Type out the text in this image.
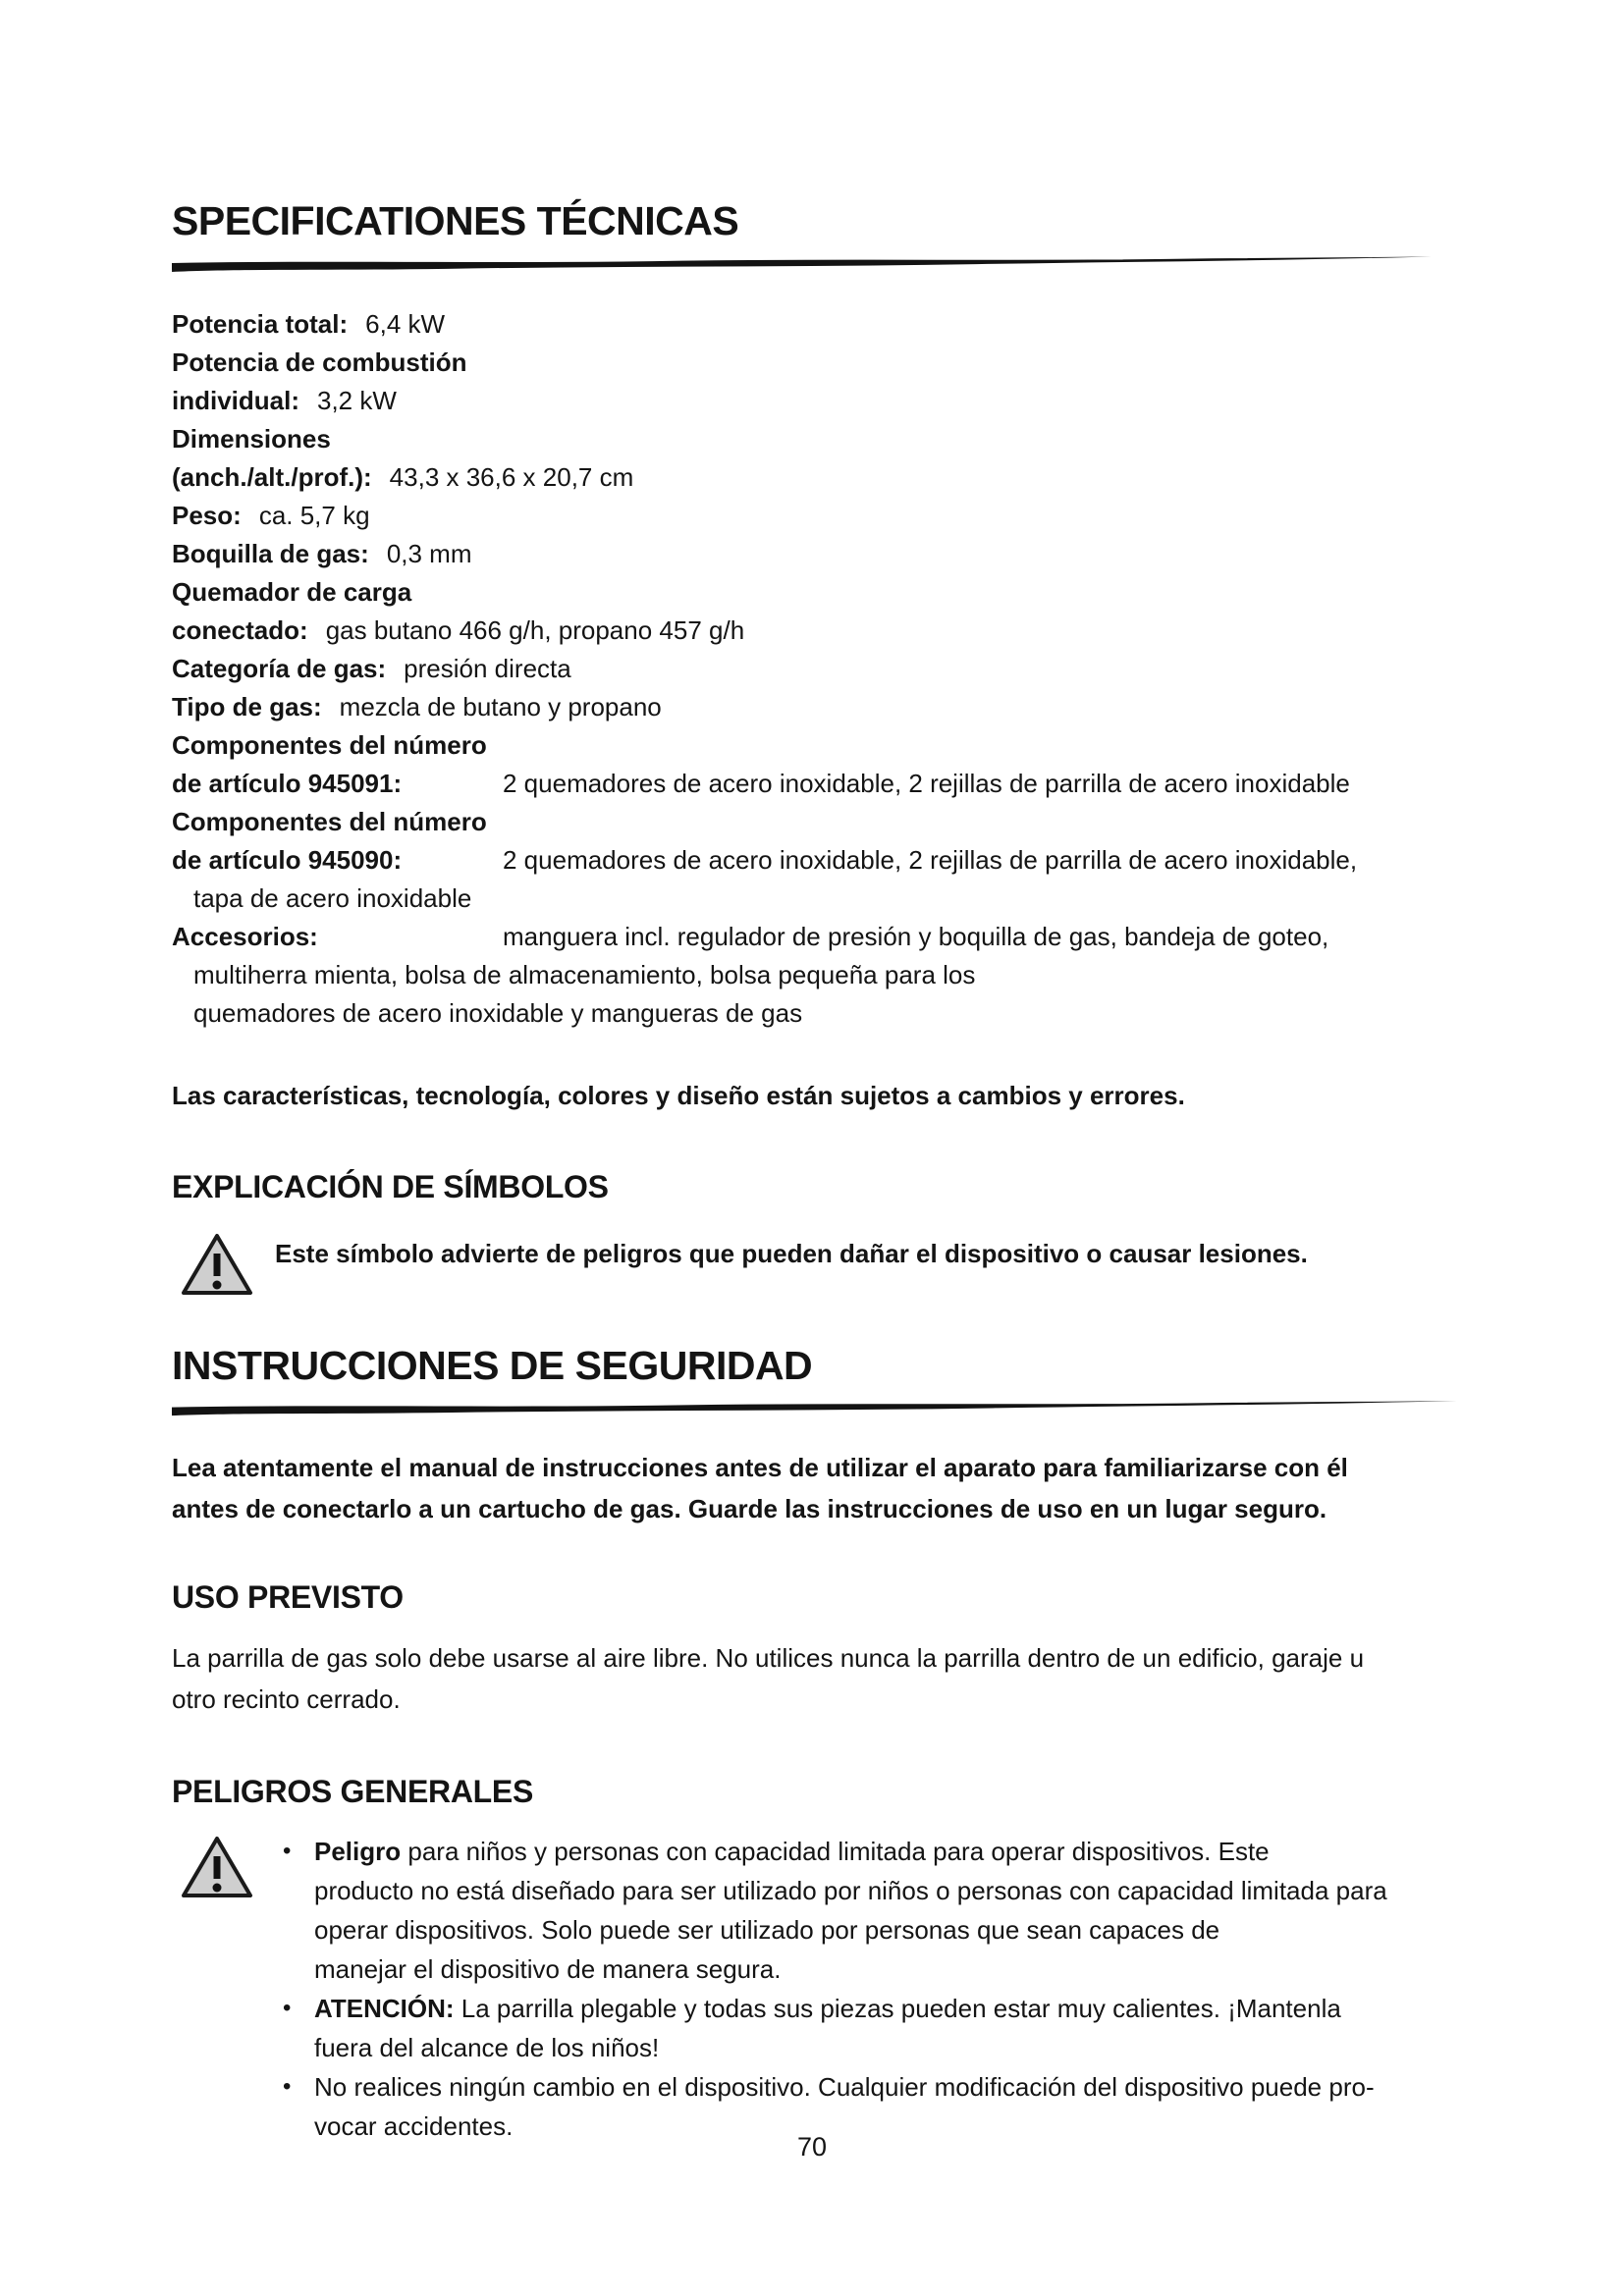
SPECIFICATIONES TÉCNICAS
Potencia total: 6,4 kW
Potencia de combustión
individual: 3,2 kW
Dimensiones
(anch./alt./prof.): 43,3 x 36,6 x 20,7 cm
Peso: ca. 5,7 kg
Boquilla de gas: 0,3 mm
Quemador de carga
conectado: gas butano 466 g/h, propano 457 g/h
Categoría de gas: presión directa
Tipo de gas: mezcla de butano y propano
Componentes del número
de artículo 945091:	2 quemadores de acero inoxidable, 2 rejillas de parrilla de acero inoxidable
Componentes del número
de artículo 945090:	2 quemadores de acero inoxidable, 2 rejillas de parrilla de acero inoxidable,
tapa de acero inoxidable
Accesorios:	manguera incl. regulador de presión y boquilla de gas, bandeja de goteo,
multiherra mienta, bolsa de almacenamiento, bolsa pequeña para los
quemadores de acero inoxidable y mangueras de gas
Las características, tecnología, colores y diseño están sujetos a cambios y errores.
EXPLICACIÓN DE SÍMBOLOS
Este símbolo advierte de peligros que pueden dañar el dispositivo o causar lesiones.
INSTRUCCIONES DE SEGURIDAD
Lea atentamente el manual de instrucciones antes de utilizar el aparato para familiarizarse con él
antes de conectarlo a un cartucho de gas. Guarde las instrucciones de uso en un lugar seguro.
USO PREVISTO
La parrilla de gas solo debe usarse al aire libre. No utilices nunca la parrilla dentro de un edificio, garaje u
otro recinto cerrado.
PELIGROS GENERALES
• Peligro para niños y personas con capacidad limitada para operar dispositivos. Este
producto no está diseñado para ser utilizado por niños o personas con capacidad limitada para
operar dispositivos. Solo puede ser utilizado por personas que sean capaces de
manejar el dispositivo de manera segura.
• ATENCIÓN: La parrilla plegable y todas sus piezas pueden estar muy calientes. ¡Mantenla
fuera del alcance de los niños!
• No realices ningún cambio en el dispositivo. Cualquier modificación del dispositivo puede pro-
vocar accidentes.
70
